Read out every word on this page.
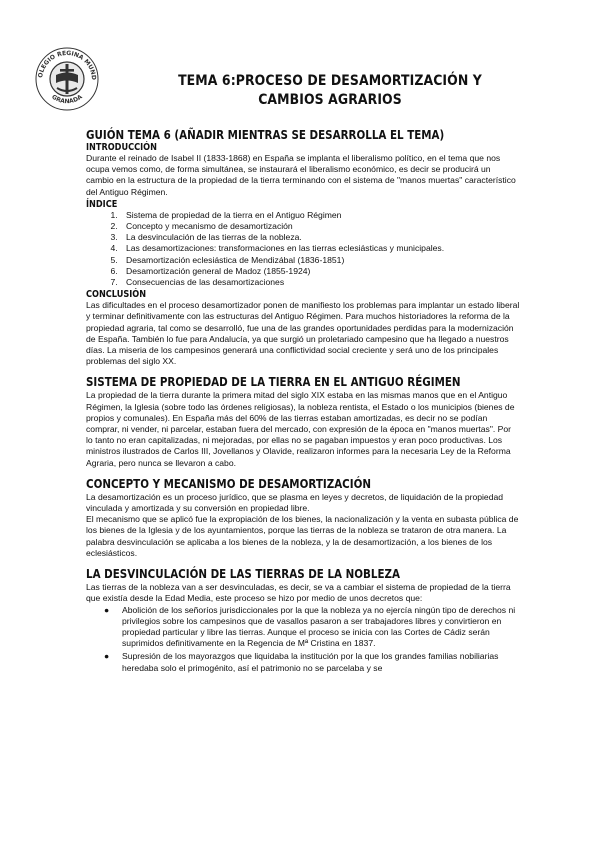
OLEGIO REGINA MUND
GRANADA
TEMA 6:PROCESO DE DESAMORTIZACIÓN Y CAMBIOS AGRARIOS
GUIÓN TEMA 6 (AÑADIR MIENTRAS SE DESARROLLA EL TEMA)
INTRODUCCIÓN

Durante el reinado de Isabel II (1833-1868) en España se implanta el liberalismo político, en el tema que nos ocupa vemos como, de forma simultánea, se instaurará el liberalismo económico, es decir se producirá un cambio en la estructura de la propiedad de la tierra terminando con el sistema de "manos muertas" característico del Antiguo Régimen.

ÍNDICE
1. Sistema de propiedad de la tierra en el Antiguo Régimen
2. Concepto y mecanismo de desamortización
3. La desvinculación de las tierras de la nobleza.
4. Las desamortizaciones: transformaciones en las tierras eclesiásticas y municipales.
5. Desamortización eclesiástica de Mendizábal (1836-1851)
6. Desamortización general de Madoz (1855-1924)
7. Consecuencias de las desamortizaciones
CONCLUSIÓN

Las dificultades en el proceso desamortizador ponen de manifiesto los problemas para implantar un estado liberal y terminar definitivamente con las estructuras del Antiguo Régimen. Para muchos historiadores la reforma de la propiedad agraria, tal como se desarrolló, fue una de las grandes oportunidades perdidas para la modernización de España. También lo fue para Andalucía, ya que surgió un proletariado campesino que ha llegado a nuestros días. La miseria de los campesinos generará una conflictividad social creciente y será uno de los principales problemas del siglo XX.

SISTEMA DE PROPIEDAD DE LA TIERRA EN EL ANTIGUO RÉGIMEN

La propiedad de la tierra durante la primera mitad del siglo XIX estaba en las mismas manos que en el Antiguo Régimen, la Iglesia (sobre todo las órdenes religiosas), la nobleza rentista, el Estado o los municipios (bienes de propios y comunales). En España más del 60% de las tierras estaban amortizadas, es decir no se podían comprar, ni vender, ni parcelar, estaban fuera del mercado, con expresión de la época en "manos muertas". Por lo tanto no eran capitalizadas, ni mejoradas, por ellas no se pagaban impuestos y eran poco productivas. Los ministros ilustrados de Carlos III, Jovellanos y Olavide, realizaron informes para la necesaria Ley de la Reforma Agraria, pero nunca se llevaron a cabo.

CONCEPTO Y MECANISMO DE DESAMORTIZACIÓN

La desamortización es un proceso jurídico, que se plasma en leyes y decretos, de liquidación de la propiedad vinculada y amortizada y su conversión en propiedad libre.

El mecanismo que se aplicó fue la expropiación de los bienes, la nacionalización y la venta en subasta pública de los bienes de la Iglesia y de los ayuntamientos, porque las tierras de la nobleza se trataron de otra manera. La palabra desvinculación se aplicaba a los bienes de la nobleza, y la de desamortización, a los bienes de los eclesiásticos.

LA DESVINCULACIÓN DE LAS TIERRAS DE LA NOBLEZA

Las tierras de la nobleza van a ser desvinculadas, es decir, se va a cambiar el sistema de propiedad de la tierra que existía desde la Edad Media, este proceso se hizo por medio de unos decretos que:

● Abolición de los señoríos jurisdiccionales por la que la nobleza ya no ejercía ningún tipo de derechos ni privilegios sobre los campesinos que de vasallos pasaron a ser trabajadores libres y convirtieron en propiedad particular y libre las tierras. Aunque el proceso se inicia con las Cortes de Cádiz serán suprimidos definitivamente en la Regencia de Mª Cristina en 1837.
● Supresión de los mayorazgos que liquidaba la institución por la que los grandes familias nobiliarias heredaba solo el primogénito, así el patrimonio no se parcelaba y se
